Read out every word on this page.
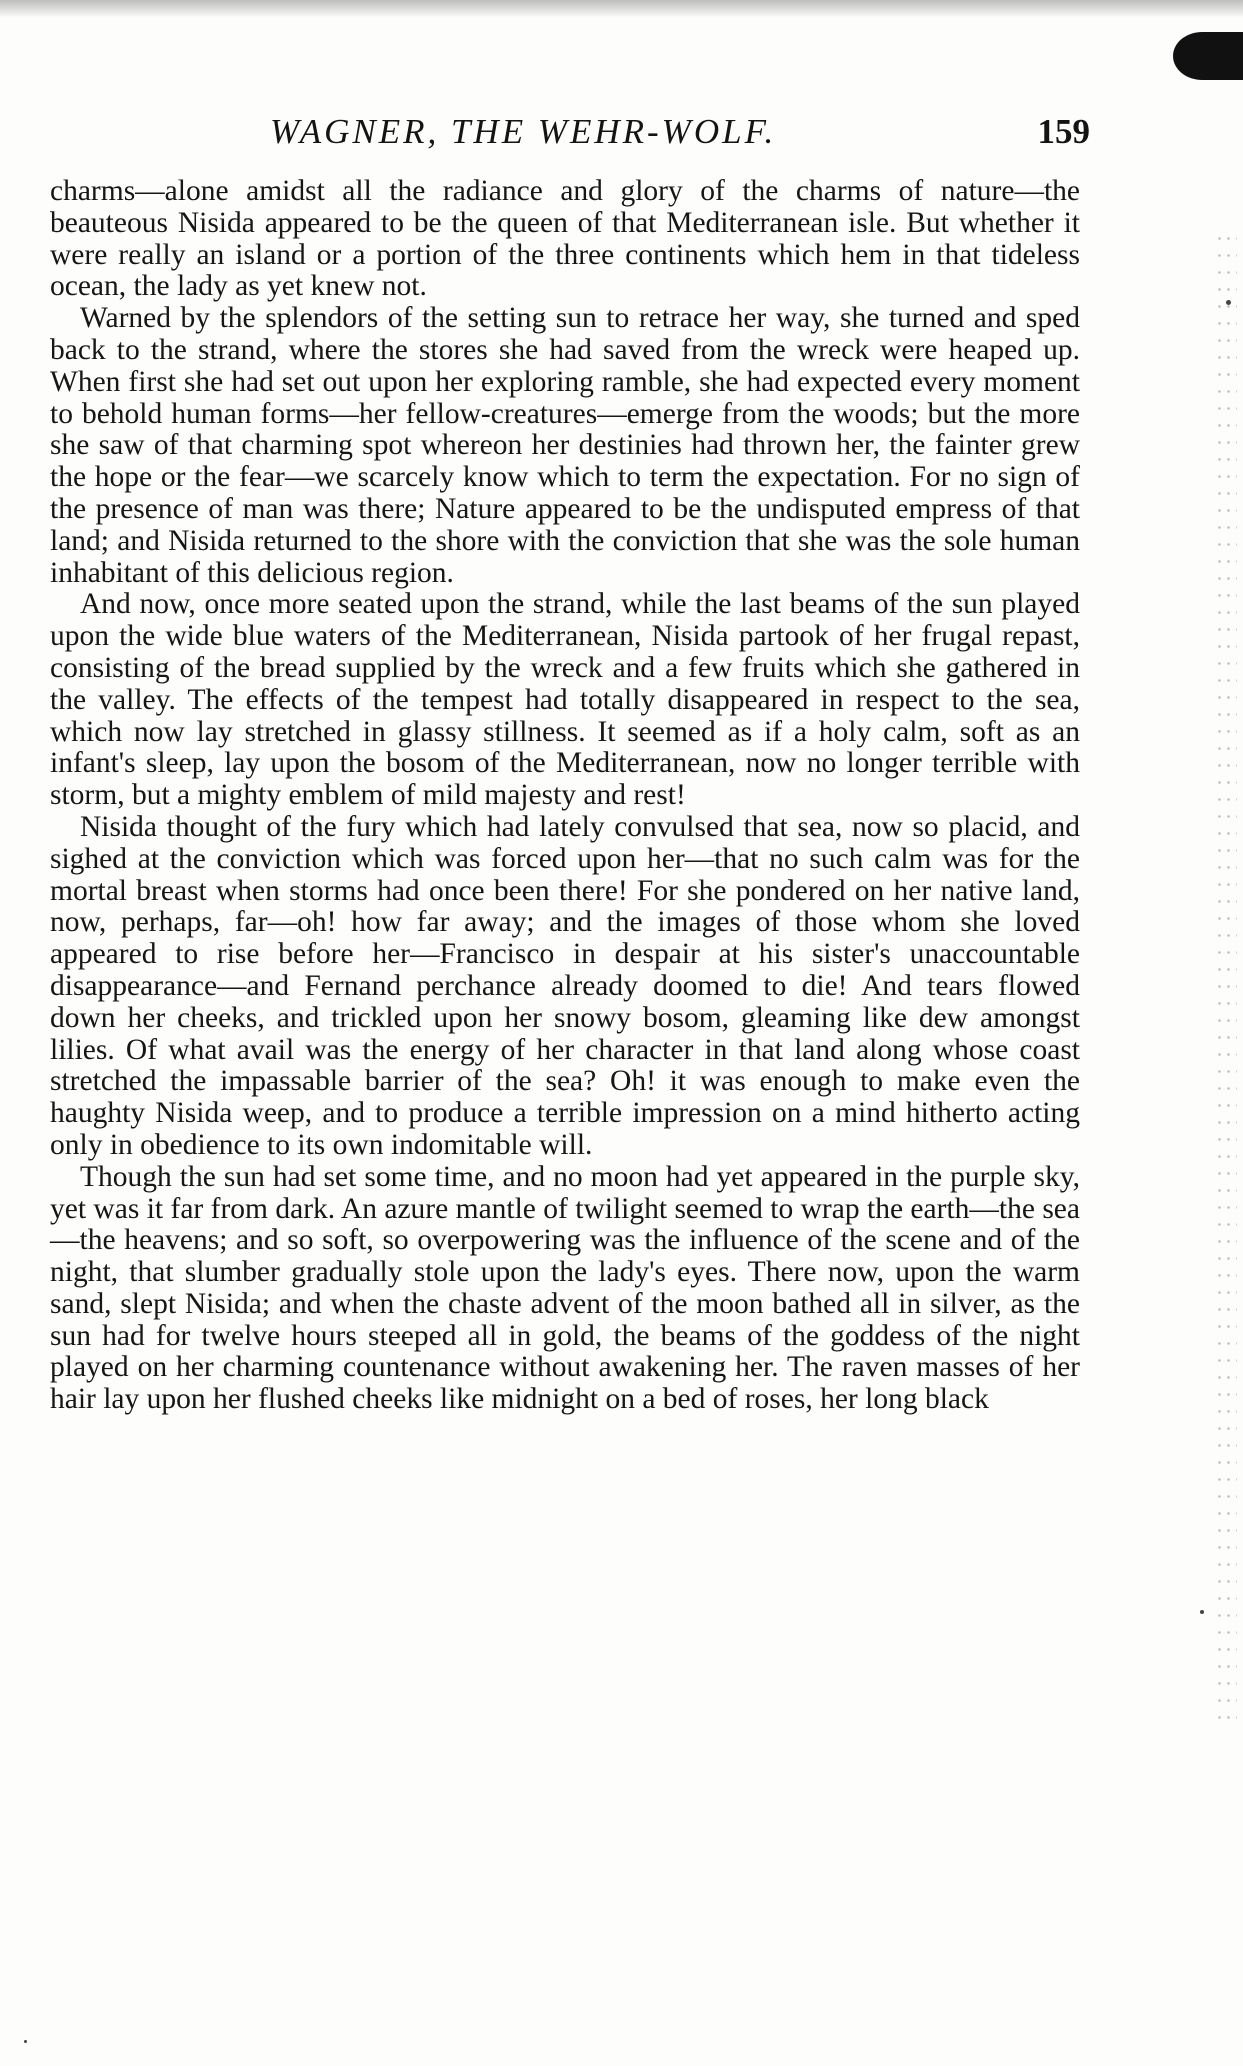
WAGNER, THE WEHR-WOLF.	159

charms—alone amidst all the radiance and glory of the charms of nature—the beauteous Nisida appeared to be the queen of that Mediterranean isle. But whether it were really an island or a portion of the three continents which hem in that tideless ocean, the lady as yet knew not.

Warned by the splendors of the setting sun to retrace her way, she turned and sped back to the strand, where the stores she had saved from the wreck were heaped up. When first she had set out upon her exploring ramble, she had expected every moment to behold human forms—her fellow-creatures—emerge from the woods; but the more she saw of that charming spot whereon her destinies had thrown her, the fainter grew the hope or the fear—we scarcely know which to term the expectation. For no sign of the presence of man was there; Nature appeared to be the undisputed empress of that land; and Nisida returned to the shore with the conviction that she was the sole human inhabitant of this delicious region.

And now, once more seated upon the strand, while the last beams of the sun played upon the wide blue waters of the Mediterranean, Nisida partook of her frugal repast, consisting of the bread supplied by the wreck and a few fruits which she gathered in the valley. The effects of the tempest had totally disappeared in respect to the sea, which now lay stretched in glassy stillness. It seemed as if a holy calm, soft as an infant's sleep, lay upon the bosom of the Mediterranean, now no longer terrible with storm, but a mighty emblem of mild majesty and rest!

Nisida thought of the fury which had lately convulsed that sea, now so placid, and sighed at the conviction which was forced upon her—that no such calm was for the mortal breast when storms had once been there! For she pondered on her native land, now, perhaps, far—oh! how far away; and the images of those whom she loved appeared to rise before her—Francisco in despair at his sister's unaccountable disappearance—and Fernand perchance already doomed to die! And tears flowed down her cheeks, and trickled upon her snowy bosom, gleaming like dew amongst lilies. Of what avail was the energy of her character in that land along whose coast stretched the impassable barrier of the sea? Oh! it was enough to make even the haughty Nisida weep, and to produce a terrible impression on a mind hitherto acting only in obedience to its own indomitable will.

Though the sun had set some time, and no moon had yet appeared in the purple sky, yet was it far from dark. An azure mantle of twilight seemed to wrap the earth—the sea—the heavens; and so soft, so overpowering was the influence of the scene and of the night, that slumber gradually stole upon the lady's eyes. There now, upon the warm sand, slept Nisida; and when the chaste advent of the moon bathed all in silver, as the sun had for twelve hours steeped all in gold, the beams of the goddess of the night played on her charming countenance without awakening her. The raven masses of her hair lay upon her flushed cheeks like midnight on a bed of roses, her long black
